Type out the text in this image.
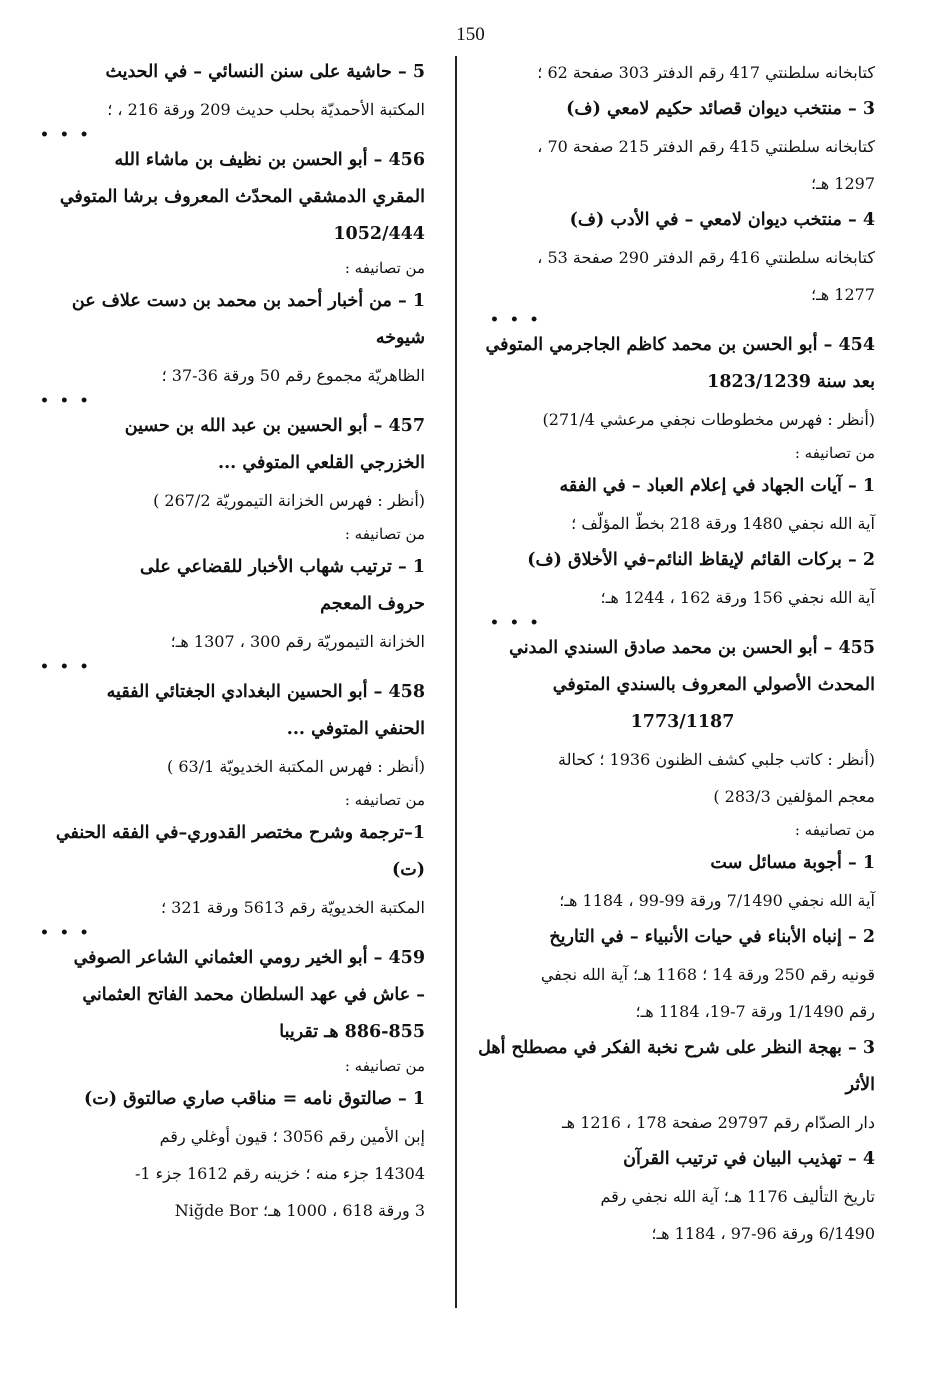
150
كتابخانه سلطنتي 417 رقم الدفتر 303 صفحة 62 ؛
3 – منتخب ديوان قصائد حكيم لامعي (ف)
كتابخانه سلطنتي 415 رقم الدفتر 215 صفحة 70 ،
1297 هـ؛
4 – منتخب ديوان لامعي – في الأدب (ف)
كتابخانه سلطنتي 416 رقم الدفتر 290 صفحة 53 ،
1277 هـ؛
• • •
454 – أبو الحسن بن محمد كاظم الجاجرمي المتوفي
بعد سنة 1823/1239
(أنظر : فهرس مخطوطات نجفي مرعشي 271/4)
من تصانيفه :
1 – آيات الجهاد في إعلام العباد – في الفقه
آية الله نجفي 1480 ورقة 218 بخطّ المؤلّف ؛
2 – بركات القائم لإيقاظ النائم–في الأخلاق (ف)
آية الله نجفي 156 ورقة 162 ، 1244 هـ؛
• • •
455 – أبو الحسن بن محمد صادق السندي المدني
المحدث الأصولي المعروف بالسندي المتوفي
1773/1187
(أنظر : كاتب جلبي كشف الظنون 1936 ؛ كحالة
معجم المؤلفين 283/3 )
من تصانيفه :
1 – أجوبة مسائل ست
آية الله نجفي 7/1490 ورقة 99-99 ، 1184 هـ؛
2 – إنباه الأبناء في حيات الأنبياء – في التاريخ
قونيه رقم 250 ورقة 14 ؛ 1168 هـ؛ آية الله نجفي
رقم 1/1490 ورقة 7-19، 1184 هـ؛
3 – بهجة النظر على شرح نخبة الفكر في مصطلح أهل
الأثر
دار الصدّام رقم 29797 صفحة 178 ، 1216 هـ
4 – تهذيب البيان في ترتيب القرآن
تاريخ التأليف 1176 هـ؛ آية الله نجفي رقم
6/1490 ورقة 96-97 ، 1184 هـ؛
5 – حاشية على سنن النسائي – في الحديث
المكتبة الأحمديّة بحلب حديث 209 ورقة 216 ، ؛
• • •
456 – أبو الحسن بن نظيف بن ماشاء الله
المقري الدمشقي المحدّث المعروف برشا المتوفي
1052/444
من تصانيفه :
1 – من أخبار أحمد بن محمد بن دست علاف عن
شيوخه
الظاهريّة مجموع رقم 50 ورقة 36-37 ؛
• • •
457 – أبو الحسين بن عبد الله بن حسين
الخزرجي القلعي المتوفي ...
(أنظر : فهرس الخزانة التيموريّة 267/2 )
من تصانيفه :
1 – ترتيب شهاب الأخبار للقضاعي على
حروف المعجم
الخزانة التيموريّة رقم 300 ، 1307 هـ؛
• • •
458 – أبو الحسين البغدادي الجغتائي الفقيه
الحنفي المتوفي ...
(أنظر : فهرس المكتبة الخديويّة 63/1 )
من تصانيفه :
1–ترجمة وشرح مختصر القدوري–في الفقه الحنفي
(ت)
المكتبة الخديويّة رقم 5613 ورقة 321 ؛
• • •
459 – أبو الخير رومي العثماني الشاعر الصوفي
– عاش في عهد السلطان محمد الفاتح العثماني
886-855 هـ تقريبا
من تصانيفه :
1 – صالتوق نامه = مناقب صاري صالتوق (ت)
إبن الأمين رقم 3056 ؛ قيون أوغلي رقم
14304 جزء منه ؛ خزينه رقم 1612 جزء 1-
3 ورقة 618 ، 1000 هـ؛ Niğde Bor
